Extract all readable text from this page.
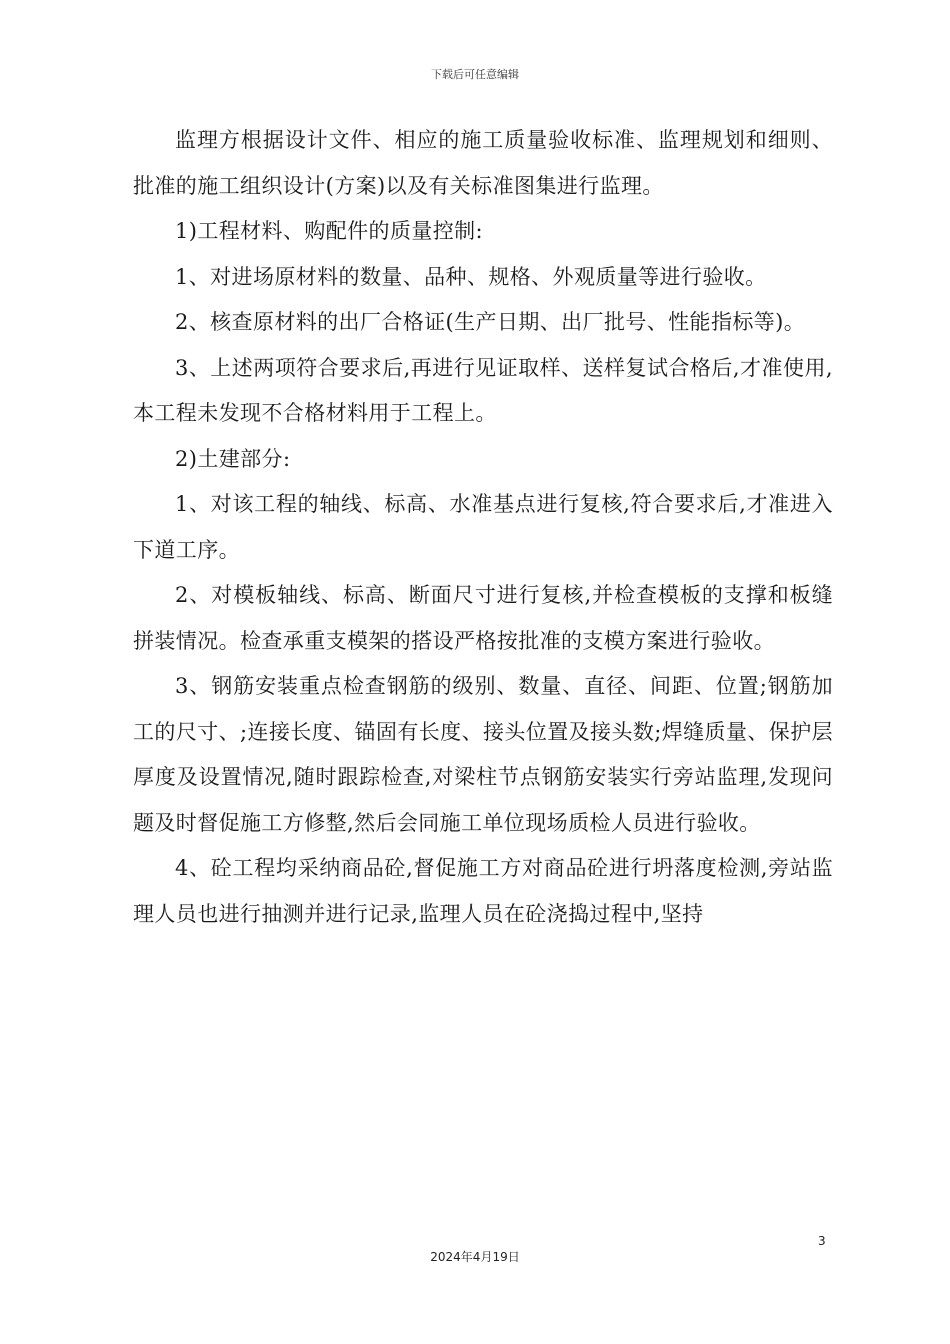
下载后可任意编辑

监理方根据设计文件、相应的施工质量验收标准、监理规划和细则、批准的施工组织设计(方案)以及有关标准图集进行监理。

1)工程材料、购配件的质量控制:

1、对进场原材料的数量、品种、规格、外观质量等进行验收。

2、核查原材料的出厂合格证(生产日期、出厂批号、性能指标等)。

3、上述两项符合要求后,再进行见证取样、送样复试合格后,才准使用,本工程未发现不合格材料用于工程上。

2)土建部分:

1、对该工程的轴线、标高、水准基点进行复核,符合要求后,才准进入下道工序。

2、对模板轴线、标高、断面尺寸进行复核,并检查模板的支撑和板缝拼装情况。检查承重支模架的搭设严格按批准的支模方案进行验收。

3、钢筋安装重点检查钢筋的级别、数量、直径、间距、位置;钢筋加工的尺寸、;连接长度、锚固有长度、接头位置及接头数;焊缝质量、保护层厚度及设置情况,随时跟踪检查,对梁柱节点钢筋安装实行旁站监理,发现问题及时督促施工方修整,然后会同施工单位现场质检人员进行验收。

4、砼工程均采纳商品砼,督促施工方对商品砼进行坍落度检测,旁站监理人员也进行抽测并进行记录,监理人员在砼浇捣过程中,坚持

3
2024年4月19日
